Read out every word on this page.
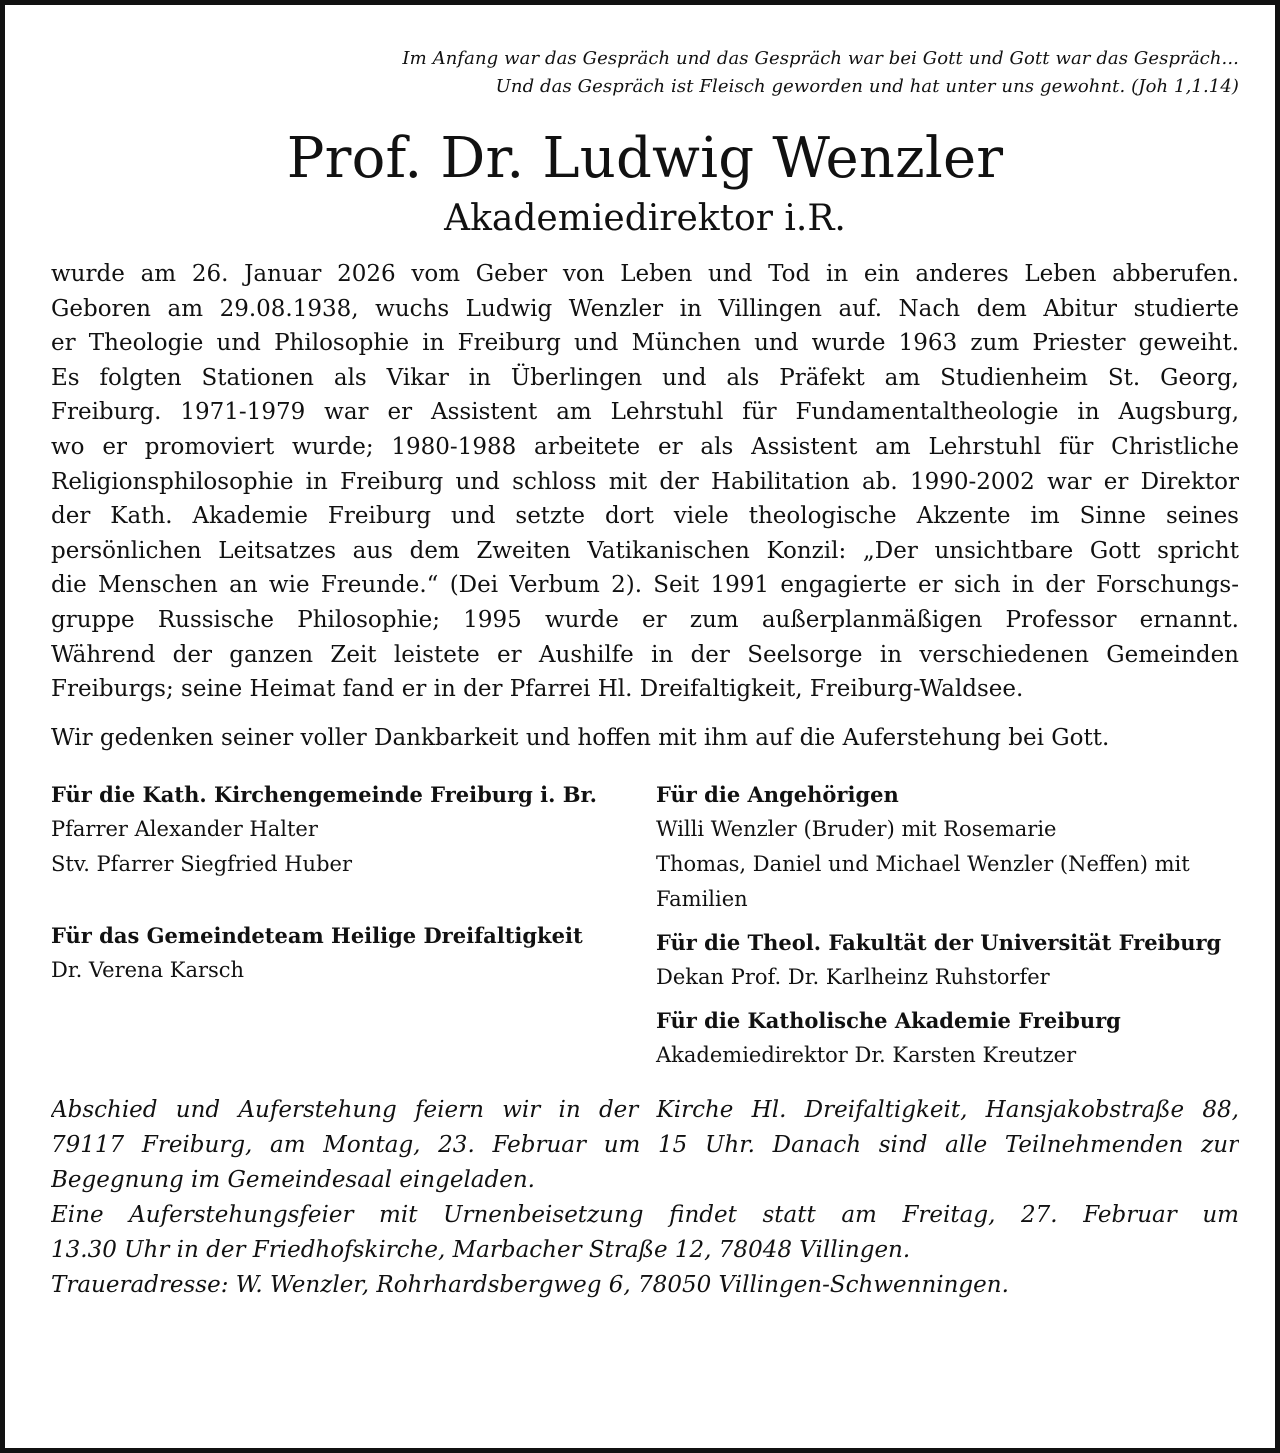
Im Anfang war das Gespräch und das Gespräch war bei Gott und Gott war das Gespräch...
Und das Gespräch ist Fleisch geworden und hat unter uns gewohnt. (Joh 1,1.14)
Prof. Dr. Ludwig Wenzler
Akademiedirektor i.R.
wurde am 26. Januar 2026 vom Geber von Leben und Tod in ein anderes Leben abberufen.
Geboren am 29.08.1938, wuchs Ludwig Wenzler in Villingen auf. Nach dem Abitur studierte
er Theologie und Philosophie in Freiburg und München und wurde 1963 zum Priester geweiht.
Es folgten Stationen als Vikar in Überlingen und als Präfekt am Studienheim St. Georg,
Freiburg. 1971-1979 war er Assistent am Lehrstuhl für Fundamentaltheologie in Augsburg,
wo er promoviert wurde; 1980-1988 arbeitete er als Assistent am Lehrstuhl für Christliche
Religionsphilosophie in Freiburg und schloss mit der Habilitation ab. 1990-2002 war er Direktor
der Kath. Akademie Freiburg und setzte dort viele theologische Akzente im Sinne seines
persönlichen Leitsatzes aus dem Zweiten Vatikanischen Konzil: „Der unsichtbare Gott spricht
die Menschen an wie Freunde.“ (Dei Verbum 2). Seit 1991 engagierte er sich in der Forschungs-
gruppe Russische Philosophie; 1995 wurde er zum außerplanmäßigen Professor ernannt.
Während der ganzen Zeit leistete er Aushilfe in der Seelsorge in verschiedenen Gemeinden
Freiburgs; seine Heimat fand er in der Pfarrei Hl. Dreifaltigkeit, Freiburg-Waldsee.
Wir gedenken seiner voller Dankbarkeit und hoffen mit ihm auf die Auferstehung bei Gott.
Für die Kath. Kirchengemeinde Freiburg i. Br.
Pfarrer Alexander Halter
Stv. Pfarrer Siegfried Huber
Für das Gemeindeteam Heilige Dreifaltigkeit
Dr. Verena Karsch
Für die Angehörigen
Willi Wenzler (Bruder) mit Rosemarie
Thomas, Daniel und Michael Wenzler (Neffen) mit Familien
Für die Theol. Fakultät der Universität Freiburg
Dekan Prof. Dr. Karlheinz Ruhstorfer
Für die Katholische Akademie Freiburg
Akademiedirektor Dr. Karsten Kreutzer
Abschied und Auferstehung feiern wir in der Kirche Hl. Dreifaltigkeit, Hansjakobstraße 88,
79117 Freiburg, am Montag, 23. Februar um 15 Uhr. Danach sind alle Teilnehmenden zur
Begegnung im Gemeindesaal eingeladen.
Eine Auferstehungsfeier mit Urnenbeisetzung findet statt am Freitag, 27. Februar um
13.30 Uhr in der Friedhofskirche, Marbacher Straße 12, 78048 Villingen.
Traueradresse: W. Wenzler, Rohrhardsbergweg 6, 78050 Villingen-Schwenningen.
